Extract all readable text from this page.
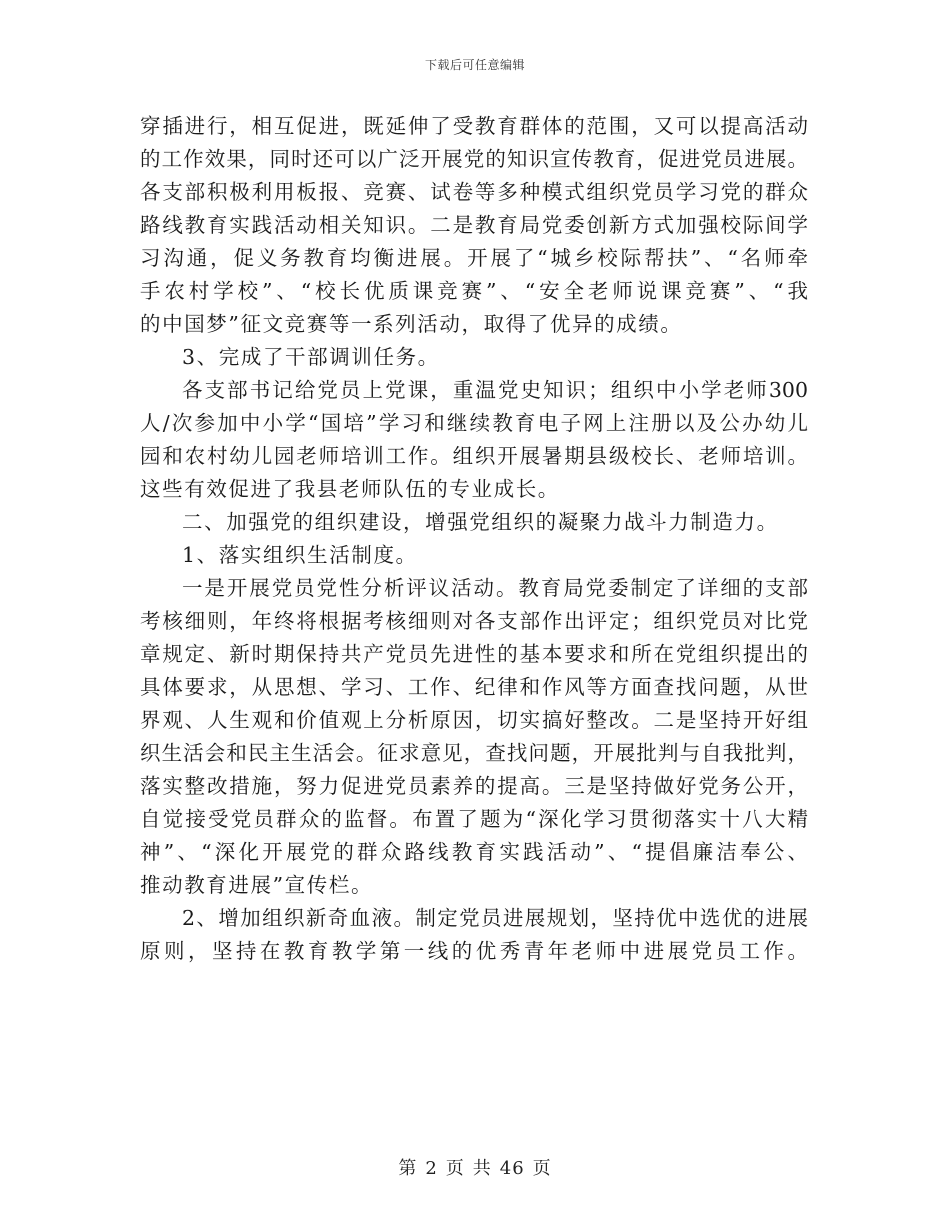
下载后可任意编辑
穿插进行，相互促进，既延伸了受教育群体的范围，又可以提高活动
的工作效果，同时还可以广泛开展党的知识宣传教育，促进党员进展。
各支部积极利用板报、竞赛、试卷等多种模式组织党员学习党的群众
路线教育实践活动相关知识。二是教育局党委创新方式加强校际间学
习沟通，促义务教育均衡进展。开展了“城乡校际帮扶”、“名师牵
手农村学校”、“校长优质课竞赛”、“安全老师说课竞赛”、“我
的中国梦”征文竞赛等一系列活动，取得了优异的成绩。
3、完成了干部调训任务。
各支部书记给党员上党课，重温党史知识；组织中小学老师300
人/次参加中小学“国培”学习和继续教育电子网上注册以及公办幼儿
园和农村幼儿园老师培训工作。组织开展暑期县级校长、老师培训。
这些有效促进了我县老师队伍的专业成长。
二、加强党的组织建设，增强党组织的凝聚力战斗力制造力。
1、落实组织生活制度。
一是开展党员党性分析评议活动。教育局党委制定了详细的支部
考核细则，年终将根据考核细则对各支部作出评定；组织党员对比党
章规定、新时期保持共产党员先进性的基本要求和所在党组织提出的
具体要求，从思想、学习、工作、纪律和作风等方面查找问题，从世
界观、人生观和价值观上分析原因，切实搞好整改。二是坚持开好组
织生活会和民主生活会。征求意见，查找问题，开展批判与自我批判，
落实整改措施，努力促进党员素养的提高。三是坚持做好党务公开，
自觉接受党员群众的监督。布置了题为“深化学习贯彻落实十八大精
神”、“深化开展党的群众路线教育实践活动”、“提倡廉洁奉公、
推动教育进展”宣传栏。
2、增加组织新奇血液。制定党员进展规划，坚持优中选优的进展
原则，坚持在教育教学第一线的优秀青年老师中进展党员工作。
第 2 页 共 46 页
